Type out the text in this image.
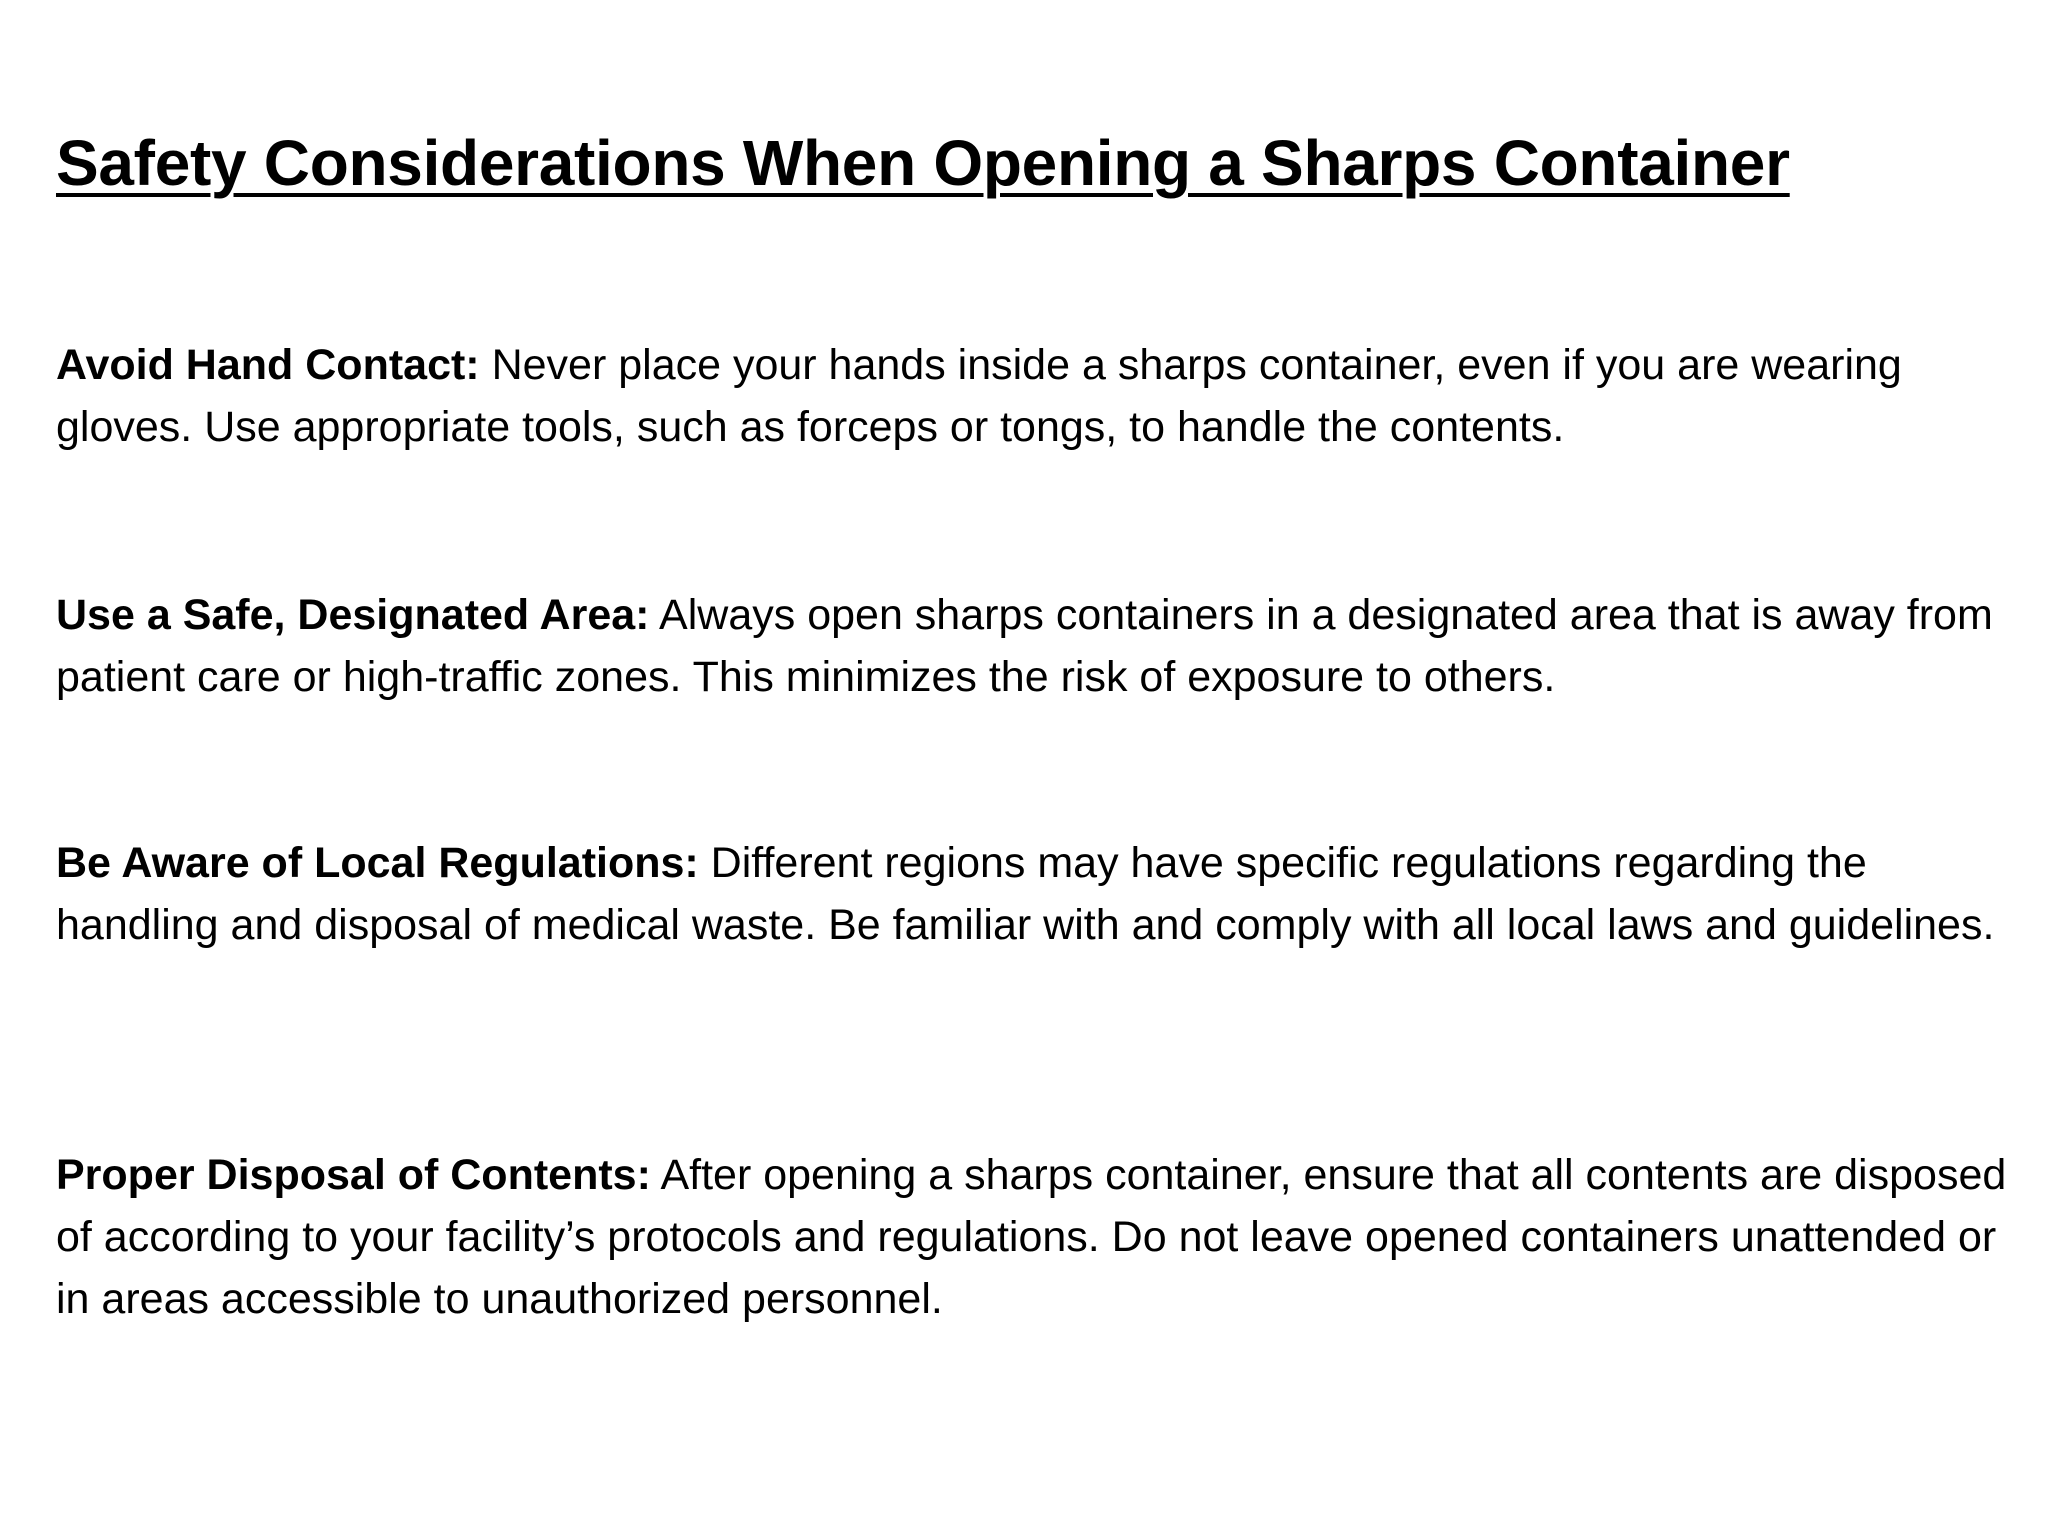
Safety Considerations When Opening a Sharps Container

Avoid Hand Contact: Never place your hands inside a sharps container, even if you are wearing gloves. Use appropriate tools, such as forceps or tongs, to handle the contents.

Use a Safe, Designated Area: Always open sharps containers in a designated area that is away from patient care or high-traffic zones. This minimizes the risk of exposure to others.

Be Aware of Local Regulations: Different regions may have specific regulations regarding the handling and disposal of medical waste. Be familiar with and comply with all local laws and guidelines.

Proper Disposal of Contents: After opening a sharps container, ensure that all contents are disposed of according to your facility’s protocols and regulations. Do not leave opened containers unattended or in areas accessible to unauthorized personnel.
